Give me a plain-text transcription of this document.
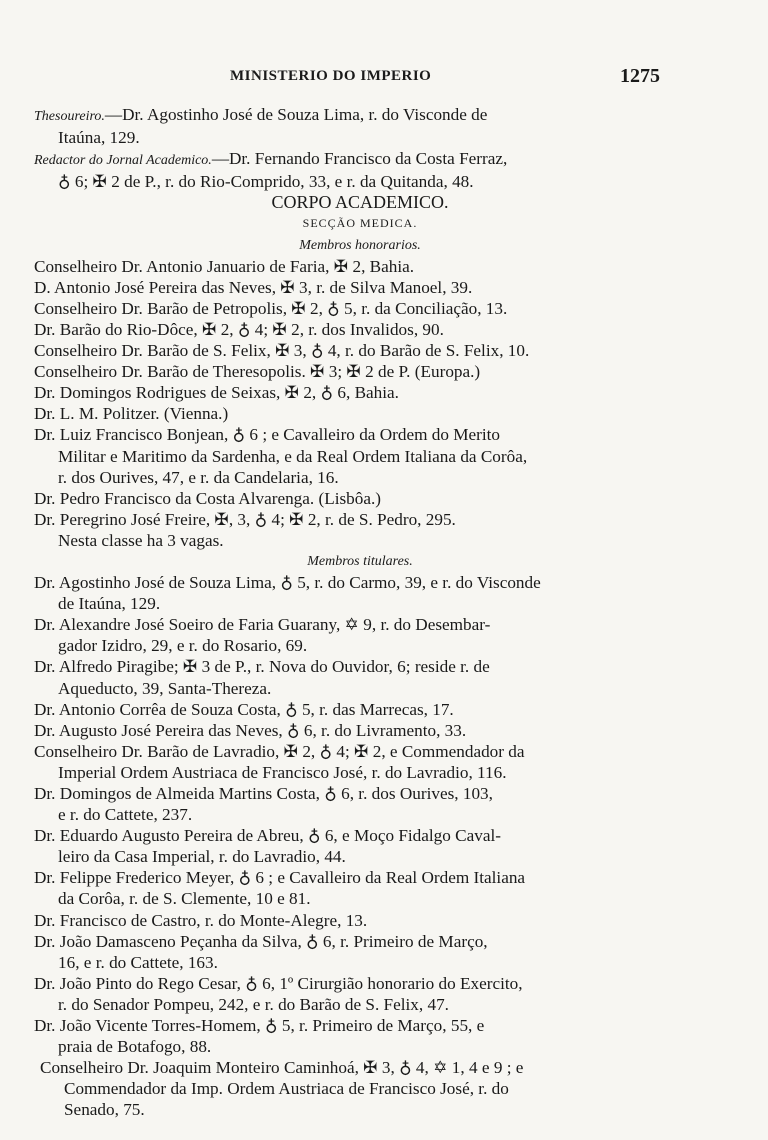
MINISTERIO DO IMPERIO	1275
Thesoureiro.—Dr. Agostinho José de Souza Lima, r. do Visconde de
Itaúna, 129.
Redactor do Jornal Academico.—Dr. Fernando Francisco da Costa Ferraz,
♁ 6; ✠ 2 de P., r. do Rio-Comprido, 33, e r. da Quitanda, 48.
CORPO ACADEMICO.
SECÇÃO MEDICA.
Membros honorarios.
Conselheiro Dr. Antonio Januario de Faria, ✠ 2, Bahia.
D. Antonio José Pereira das Neves, ✠ 3, r. de Silva Manoel, 39.
Conselheiro Dr. Barão de Petropolis, ✠ 2, ♁ 5, r. da Conciliação, 13.
Dr. Barão do Rio-Dôce, ✠ 2, ♁ 4; ✠ 2, r. dos Invalidos, 90.
Conselheiro Dr. Barão de S. Felix, ✠ 3, ♁ 4, r. do Barão de S. Felix, 10.
Conselheiro Dr. Barão de Theresopolis. ✠ 3; ✠ 2 de P. (Europa.)
Dr. Domingos Rodrigues de Seixas, ✠ 2, ♁ 6, Bahia.
Dr. L. M. Politzer. (Vienna.)
Dr. Luiz Francisco Bonjean, ♁ 6 ; e Cavalleiro da Ordem do Merito
Militar e Maritimo da Sardenha, e da Real Ordem Italiana da Corôa,
r. dos Ourives, 47, e r. da Candelaria, 16.
Dr. Pedro Francisco da Costa Alvarenga. (Lisbôa.)
Dr. Peregrino José Freire, ✠, 3, ♁ 4; ✠ 2, r. de S. Pedro, 295.
Nesta classe ha 3 vagas.
Membros titulares.
Dr. Agostinho José de Souza Lima, ♁ 5, r. do Carmo, 39, e r. do Visconde
de Itaúna, 129.
Dr. Alexandre José Soeiro de Faria Guarany, ✡ 9, r. do Desembar-
gador Izidro, 29, e r. do Rosario, 69.
Dr. Alfredo Piragibe; ✠ 3 de P., r. Nova do Ouvidor, 6; reside r. de
Aqueducto, 39, Santa-Thereza.
Dr. Antonio Corrêa de Souza Costa, ♁ 5, r. das Marrecas, 17.
Dr. Augusto José Pereira das Neves, ♁ 6, r. do Livramento, 33.
Conselheiro Dr. Barão de Lavradio, ✠ 2, ♁ 4; ✠ 2, e Commendador da
Imperial Ordem Austriaca de Francisco José, r. do Lavradio, 116.
Dr. Domingos de Almeida Martins Costa, ♁ 6, r. dos Ourives, 103,
e r. do Cattete, 237.
Dr. Eduardo Augusto Pereira de Abreu, ♁ 6, e Moço Fidalgo Caval-
leiro da Casa Imperial, r. do Lavradio, 44.
Dr. Felippe Frederico Meyer, ♁ 6 ; e Cavalleiro da Real Ordem Italiana
da Corôa, r. de S. Clemente, 10 e 81.
Dr. Francisco de Castro, r. do Monte-Alegre, 13.
Dr. João Damasceno Peçanha da Silva, ♁ 6, r. Primeiro de Março,
16, e r. do Cattete, 163.
Dr. João Pinto do Rego Cesar, ♁ 6, 1º Cirurgião honorario do Exercito,
r. do Senador Pompeu, 242, e r. do Barão de S. Felix, 47.
Dr. João Vicente Torres-Homem, ♁ 5, r. Primeiro de Março, 55, e
praia de Botafogo, 88.
Conselheiro Dr. Joaquim Monteiro Caminhoá, ✠ 3, ♁ 4, ✡ 1, 4 e 9 ; e
Commendador da Imp. Ordem Austriaca de Francisco José, r. do
Senado, 75.
